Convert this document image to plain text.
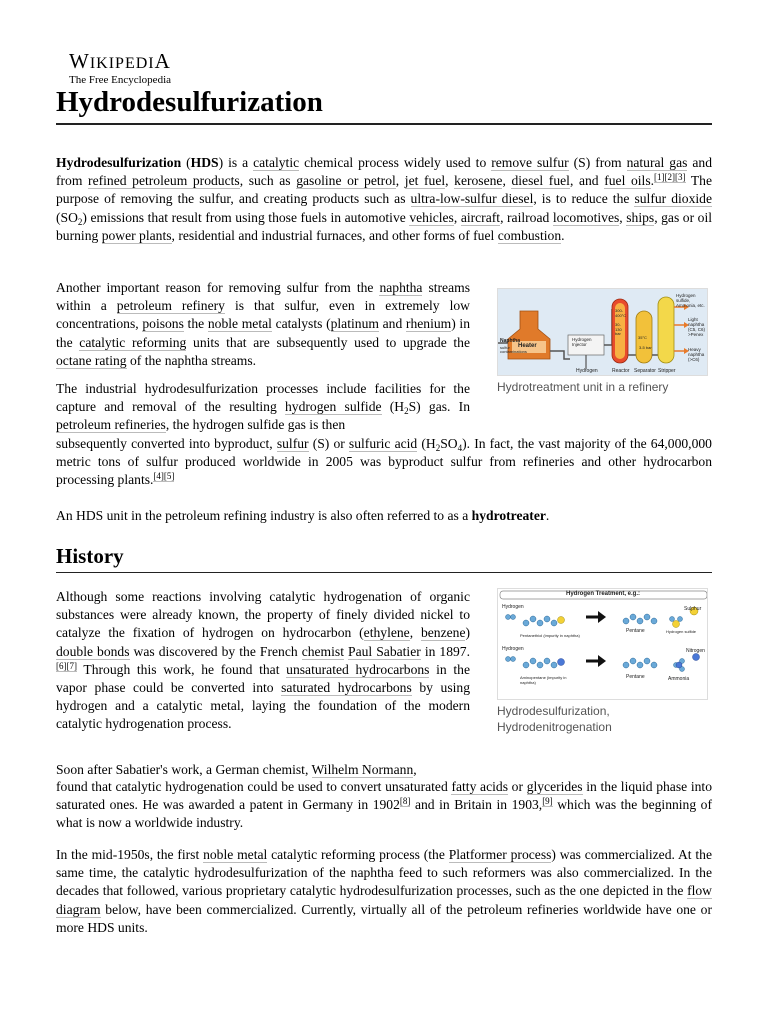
WIKIPEDIA
The Free Encyclopedia
Hydrodesulfurization

Hydrodesulfurization (HDS) is a catalytic chemical process widely used to remove sulfur (S) from natural gas and from refined petroleum products, such as gasoline or petrol, jet fuel, kerosene, diesel fuel, and fuel oils.[1][2][3] The purpose of removing the sulfur, and creating products such as ultra-low-sulfur diesel, is to reduce the sulfur dioxide $(SO_2)$ emissions that result from using those fuels in automotive vehicles, aircraft, railroad locomotives, ships, gas or oil burning power plants, residential and industrial furnaces, and other forms of fuel combustion.

Naphtha
sulfur contaminations
Heater
Hydrogen Injector
Hydrogen	Reactor Separator Stripper
300-400°C
30-130 bar
35°C
3-5 bar
Hydrogen sulfide, Ammonia, etc.
Light naphtha (C5, C6) >Penex
Heavy naphtha (>C6)
Hydrotreatment unit in a refinery

Another important reason for removing sulfur from the naphtha streams within a petroleum refinery is that sulfur, even in extremely low concentrations, poisons the noble metal catalysts (platinum and rhenium) in the catalytic reforming units that are subsequently used to upgrade the octane rating of the naphtha streams.

The industrial hydrodesulfurization processes include facilities for the capture and removal of the resulting hydrogen sulfide $(H_2S)$ gas. In petroleum refineries, the hydrogen sulfide gas is then

subsequently converted into byproduct, sulfur (S) or sulfuric acid $(H_2SO_4)$. In fact, the vast majority of the 64,000,000 metric tons of sulfur produced worldwide in 2005 was byproduct sulfur from refineries and other hydrocarbon processing plants.[4][5]

An HDS unit in the petroleum refining industry is also often referred to as a hydrotreater.

History
Hydrogen Treatment, e.g.:
Hydrogen
Pentanethiol (impurity in naphtha)
Pentane	Hydrogen sulfide
Sulphur
Hydrogen
Aminopentane (impurity in naphtha)
Pentane	Ammonia
Nitrogen
Hydrodesulfurization, Hydrodenitrogenation

Although some reactions involving catalytic hydrogenation of organic substances were already known, the property of finely divided nickel to catalyze the fixation of hydrogen on hydrocarbon (ethylene, benzene) double bonds was discovered by the French chemist Paul Sabatier in 1897.[6][7] Through this work, he found that unsaturated hydrocarbons in the vapor phase could be converted into saturated hydrocarbons by using hydrogen and a catalytic metal, laying the foundation of the modern catalytic hydrogenation process.

Soon after Sabatier's work, a German chemist, Wilhelm Normann,

found that catalytic hydrogenation could be used to convert unsaturated fatty acids or glycerides in the liquid phase into saturated ones. He was awarded a patent in Germany in 1902[8] and in Britain in 1903,[9] which was the beginning of what is now a worldwide industry.

In the mid-1950s, the first noble metal catalytic reforming process (the Platformer process) was commercialized. At the same time, the catalytic hydrodesulfurization of the naphtha feed to such reformers was also commercialized. In the decades that followed, various proprietary catalytic hydrodesulfurization processes, such as the one depicted in the flow diagram below, have been commercialized. Currently, virtually all of the petroleum refineries worldwide have one or more HDS units.
